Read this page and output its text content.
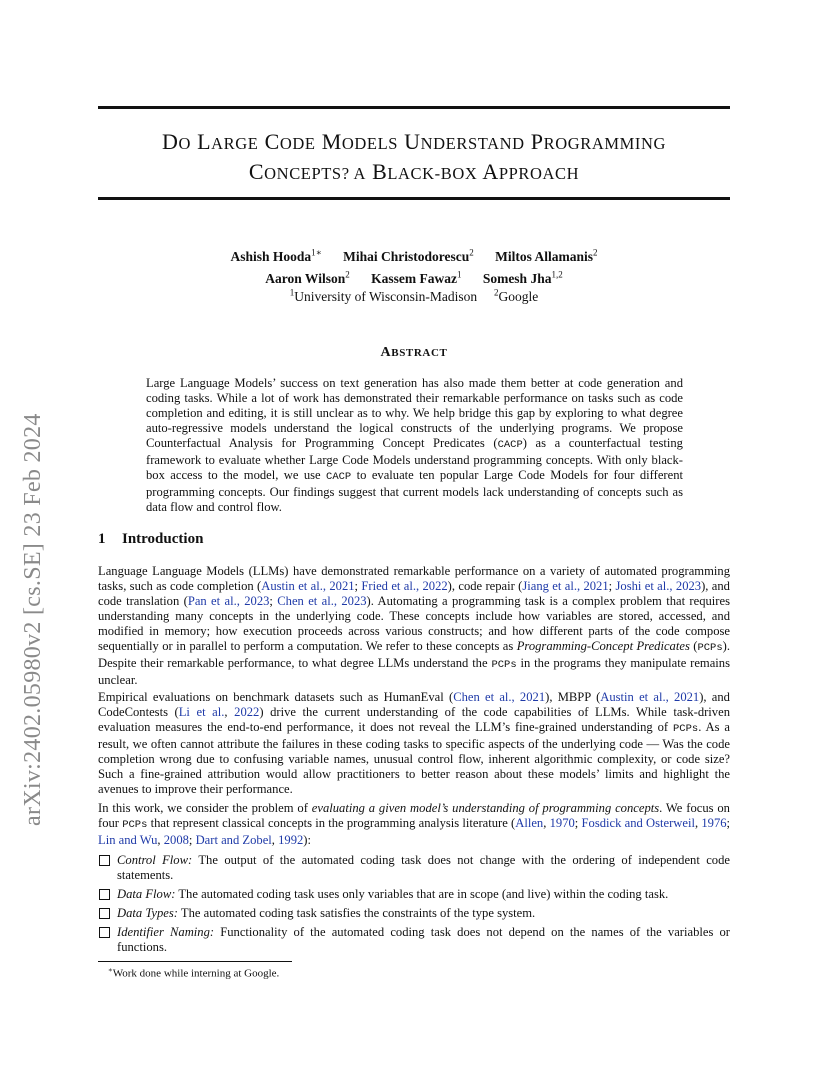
arXiv:2402.05980v2 [cs.SE] 23 Feb 2024
DO LARGE CODE MODELS UNDERSTAND PROGRAMMING
CONCEPTS? A BLACK-BOX APPROACH
Ashish Hooda$^{1∗}$ Mihai Christodorescu$^2$ Miltos Allamanis$^2$
Aaron Wilson$^2$ Kassem Fawaz$^1$ Somesh Jha$^{1,2}$
$^1$University of Wisconsin-Madison $^2$Google
ABSTRACT
Large Language Models’ success on text generation has also made them better at code generation and coding tasks. While a lot of work has demonstrated their remarkable performance on tasks such as code completion and editing, it is still unclear as to why. We help bridge this gap by exploring to what degree auto-regressive models understand the logical constructs of the underlying programs. We propose Counterfactual Analysis for Programming Concept Predicates (CACP) as a counterfactual testing framework to evaluate whether Large Code Models understand programming concepts. With only black-box access to the model, we use CACP to evaluate ten popular Large Code Models for four different programming concepts. Our findings suggest that current models lack understanding of concepts such as data flow and control flow.
1 Introduction
Language Language Models (LLMs) have demonstrated remarkable performance on a variety of automated programming tasks, such as code completion (Austin et al., 2021; Fried et al., 2022), code repair (Jiang et al., 2021; Joshi et al., 2023), and code translation (Pan et al., 2023; Chen et al., 2023). Automating a programming task is a complex problem that requires understanding many concepts in the underlying code. These concepts include how variables are stored, accessed, and modified in memory; how execution proceeds across various constructs; and how different parts of the code compose sequentially or in parallel to perform a computation. We refer to these concepts as Programming-Concept Predicates (PCPs). Despite their remarkable performance, to what degree LLMs understand the PCPs in the programs they manipulate remains unclear.
Empirical evaluations on benchmark datasets such as HumanEval (Chen et al., 2021), MBPP (Austin et al., 2021), and CodeContests (Li et al., 2022) drive the current understanding of the code capabilities of LLMs. While task-driven evaluation measures the end-to-end performance, it does not reveal the LLM’s fine-grained understanding of PCPs. As a result, we often cannot attribute the failures in these coding tasks to specific aspects of the underlying code — Was the code completion wrong due to confusing variable names, unusual control flow, inherent algorithmic complexity, or code size? Such a fine-grained attribution would allow practitioners to better reason about these models’ limits and highlight the avenues to improve their performance.
In this work, we consider the problem of evaluating a given model’s understanding of programming concepts. We focus on four PCPs that represent classical concepts in the programming analysis literature (Allen, 1970; Fosdick and Osterweil, 1976; Lin and Wu, 2008; Dart and Zobel, 1992):
Control Flow: The output of the automated coding task does not change with the ordering of independent code statements.
Data Flow: The automated coding task uses only variables that are in scope (and live) within the coding task.
Data Types: The automated coding task satisfies the constraints of the type system.
Identifier Naming: Functionality of the automated coding task does not depend on the names of the variables or functions.
∗Work done while interning at Google.
